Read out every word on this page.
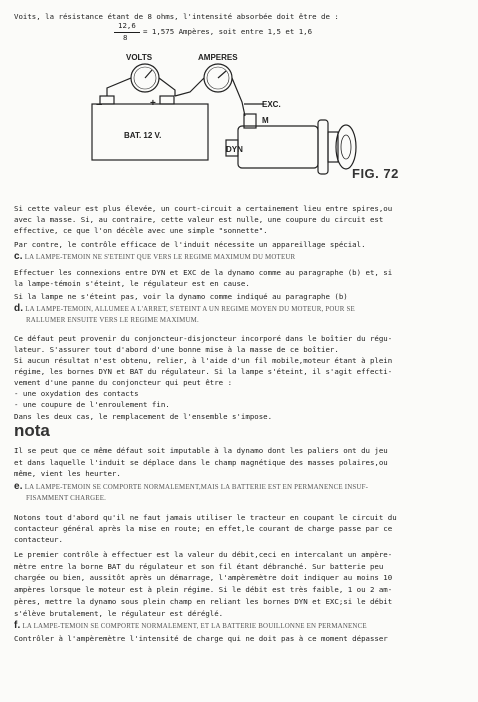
Voits, la résistance étant de 8 ohms, l'intensité absorbée doit être de :
12,6
8
= 1,575 Ampères, soit entre 1,5 et 1,6
VOLTS	AMPERES
−	+
BAT. 12 V.
EXC.
M
DYN
FIG. 72
Si cette valeur est plus élevée, un court-circuit a certainement lieu entre spires,ou
avec la masse. Si, au contraire, cette valeur est nulle, une coupure du circuit est
effective, ce que l'on décèle avec une simple "sonnette".
Par contre, le contrôle efficace de l'induit nécessite un appareillage spécial.
c. LA LAMPE-TEMOIN NE S'ETEINT QUE VERS LE REGIME MAXIMUM DU MOTEUR
Effectuer les connexions entre DYN et EXC de la dynamo comme au paragraphe (b) et, si
la lampe-témoin s'éteint, le régulateur est en cause.
Si la lampe ne s'éteint pas, voir la dynamo comme indiqué au paragraphe (b)
d. LA LAMPE-TEMOIN, ALLUMEE A L'ARRET, S'ETEINT A UN REGIME MOYEN DU MOTEUR, POUR SE
RALLUMER ENSUITE VERS LE REGIME MAXIMUM.
Ce défaut peut provenir du conjoncteur-disjoncteur incorporé dans le boîtier du régu-
lateur. S'assurer tout d'abord d'une bonne mise à la masse de ce boîtier.
Si aucun résultat n'est obtenu, relier, à l'aide d'un fil mobile,moteur étant à plein
régime, les bornes DYN et BAT du régulateur. Si la lampe s'éteint, il s'agit effecti-
vement d'une panne du conjoncteur qui peut être :
- une oxydation des contacts
- une coupure de l'enroulement fin.
Dans les deux cas, le remplacement de l'ensemble s'impose.
nota
Il se peut que ce même défaut soit imputable à la dynamo dont les paliers ont du jeu
et dans laquelle l'induit se déplace dans le champ magnétique des masses polaires,ou
même, vient les heurter.
e. LA LAMPE-TEMOIN SE COMPORTE NORMALEMENT,MAIS LA BATTERIE EST EN PERMANENCE INSUF-
FISAMMENT CHARGEE.
Notons tout d'abord qu'il ne faut jamais utiliser le tracteur en coupant le circuit du
contacteur général après la mise en route; en effet,le courant de charge passe par ce
contacteur.
Le premier contrôle à effectuer est la valeur du débit,ceci en intercalant un ampère-
mètre entre la borne BAT du régulateur et son fil étant débranché. Sur batterie peu
chargée ou bien, aussitôt après un démarrage, l'ampèremètre doit indiquer au moins 10
ampères lorsque le moteur est à plein régime. Si le débit est très faible, 1 ou 2 am-
pères, mettre la dynamo sous plein champ en reliant les bornes DYN et EXC;si le débit
s'élève brutalement, le régulateur est déréglé.
f. LA LAMPE-TEMOIN SE COMPORTE NORMALEMENT, ET LA BATTERIE BOUILLONNE EN PERMANENCE
Contrôler à l'ampèremètre l'intensité de charge qui ne doit pas à ce moment dépasser
